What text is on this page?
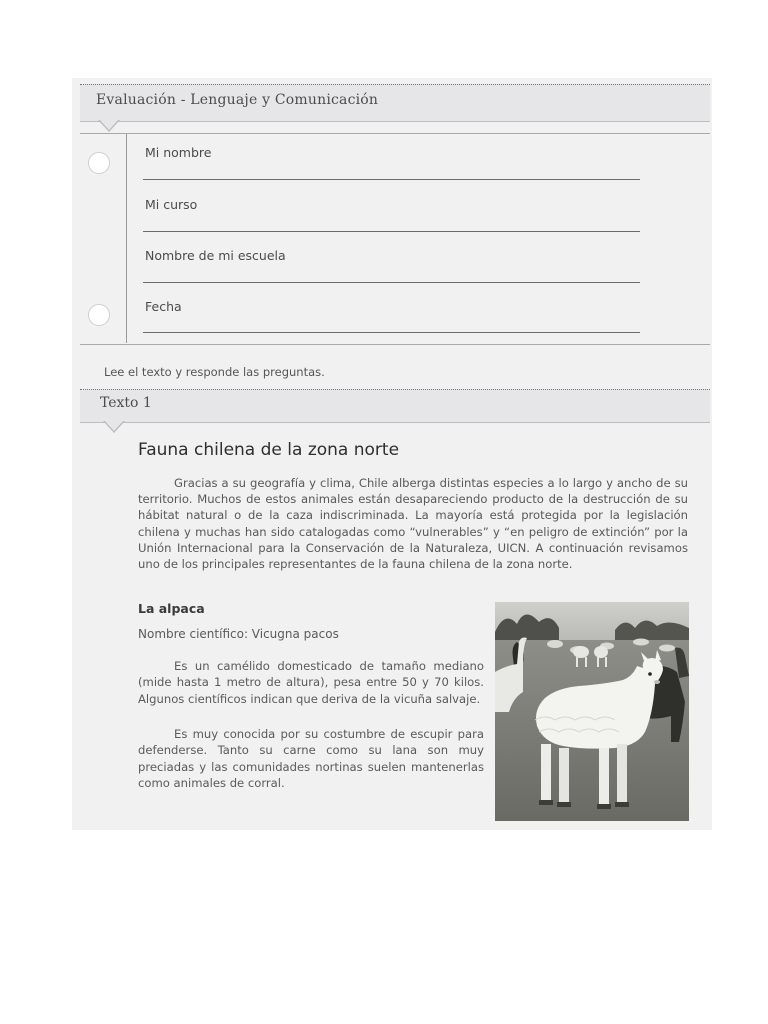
Evaluación - Lenguaje y Comunicación
Mi nombre
Mi curso
Nombre de mi escuela
Fecha
Lee el texto y responde las preguntas.
Texto 1
Fauna chilena de la zona norte

Gracias a su geografía y clima, Chile alberga distintas especies a lo largo y ancho de su territorio. Muchos de estos animales están desapareciendo producto de la destrucción de su hábitat natural o de la caza indiscriminada. La mayoría está protegida por la legislación chilena y muchas han sido catalogadas como “vulnerables” y “en peligro de extinción” por la Unión Internacional para la Conservación de la Naturaleza, UICN. A continuación revisamos uno de los principales representantes de la fauna chilena de la zona norte.

La alpaca
Nombre científico: Vicugna pacos

Es un camélido domesticado de tamaño mediano (mide hasta 1 metro de altura), pesa entre 50 y 70 kilos. Algunos científicos indican que deriva de la vicuña salvaje.

Es muy conocida por su costumbre de escupir para defenderse. Tanto su carne como su lana son muy preciadas y las comunidades nortinas suelen mantenerlas como animales de corral.
